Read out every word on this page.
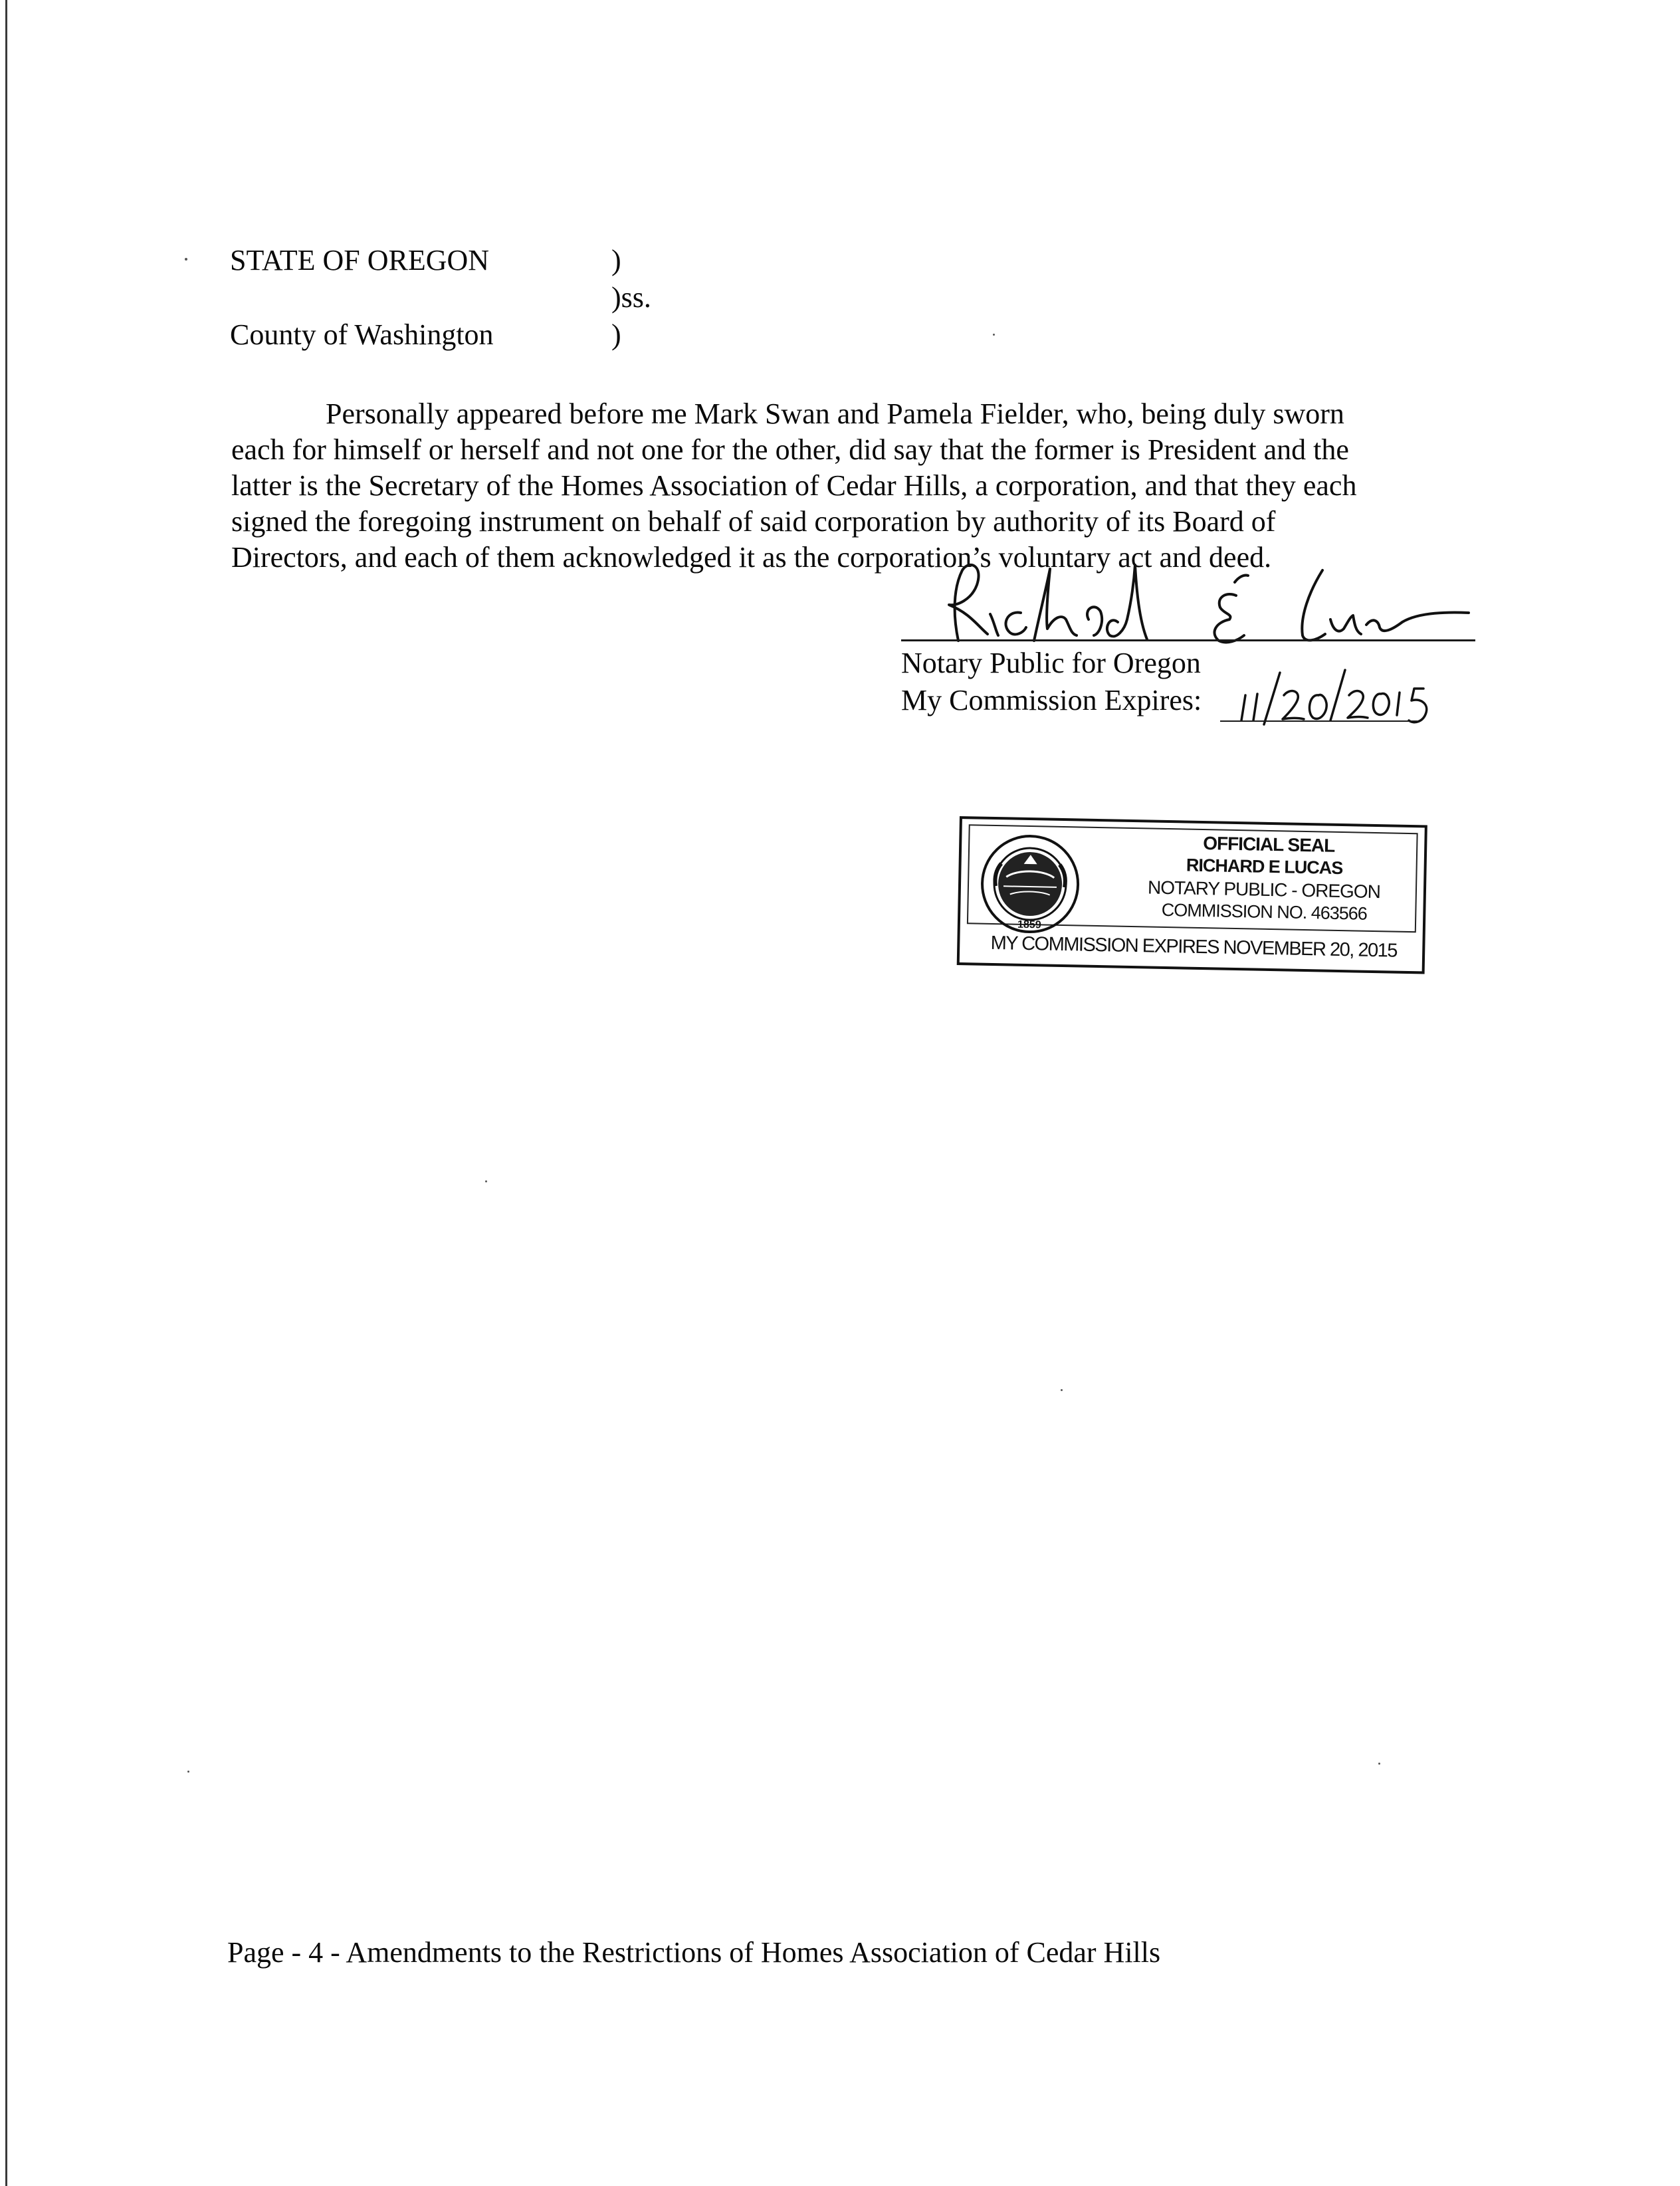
STATE OF OREGON	)
)ss.
County of Washington	)
Personally appeared before me Mark Swan and Pamela Fielder, who, being duly sworn
each for himself or herself and not one for the other, did say that the former is President and the
latter is the Secretary of the Homes Association of Cedar Hills, a corporation, and that they each
signed the foregoing instrument on behalf of said corporation by authority of its Board of
Directors, and each of them acknowledged it as the corporation’s voluntary act and deed.
Notary Public for Oregon
My Commission Expires:
1859
OFFICIAL SEAL
RICHARD E LUCAS
NOTARY PUBLIC - OREGON
COMMISSION NO. 463566
MY COMMISSION EXPIRES NOVEMBER 20, 2015
Page - 4 - Amendments to the Restrictions of Homes Association of Cedar Hills
